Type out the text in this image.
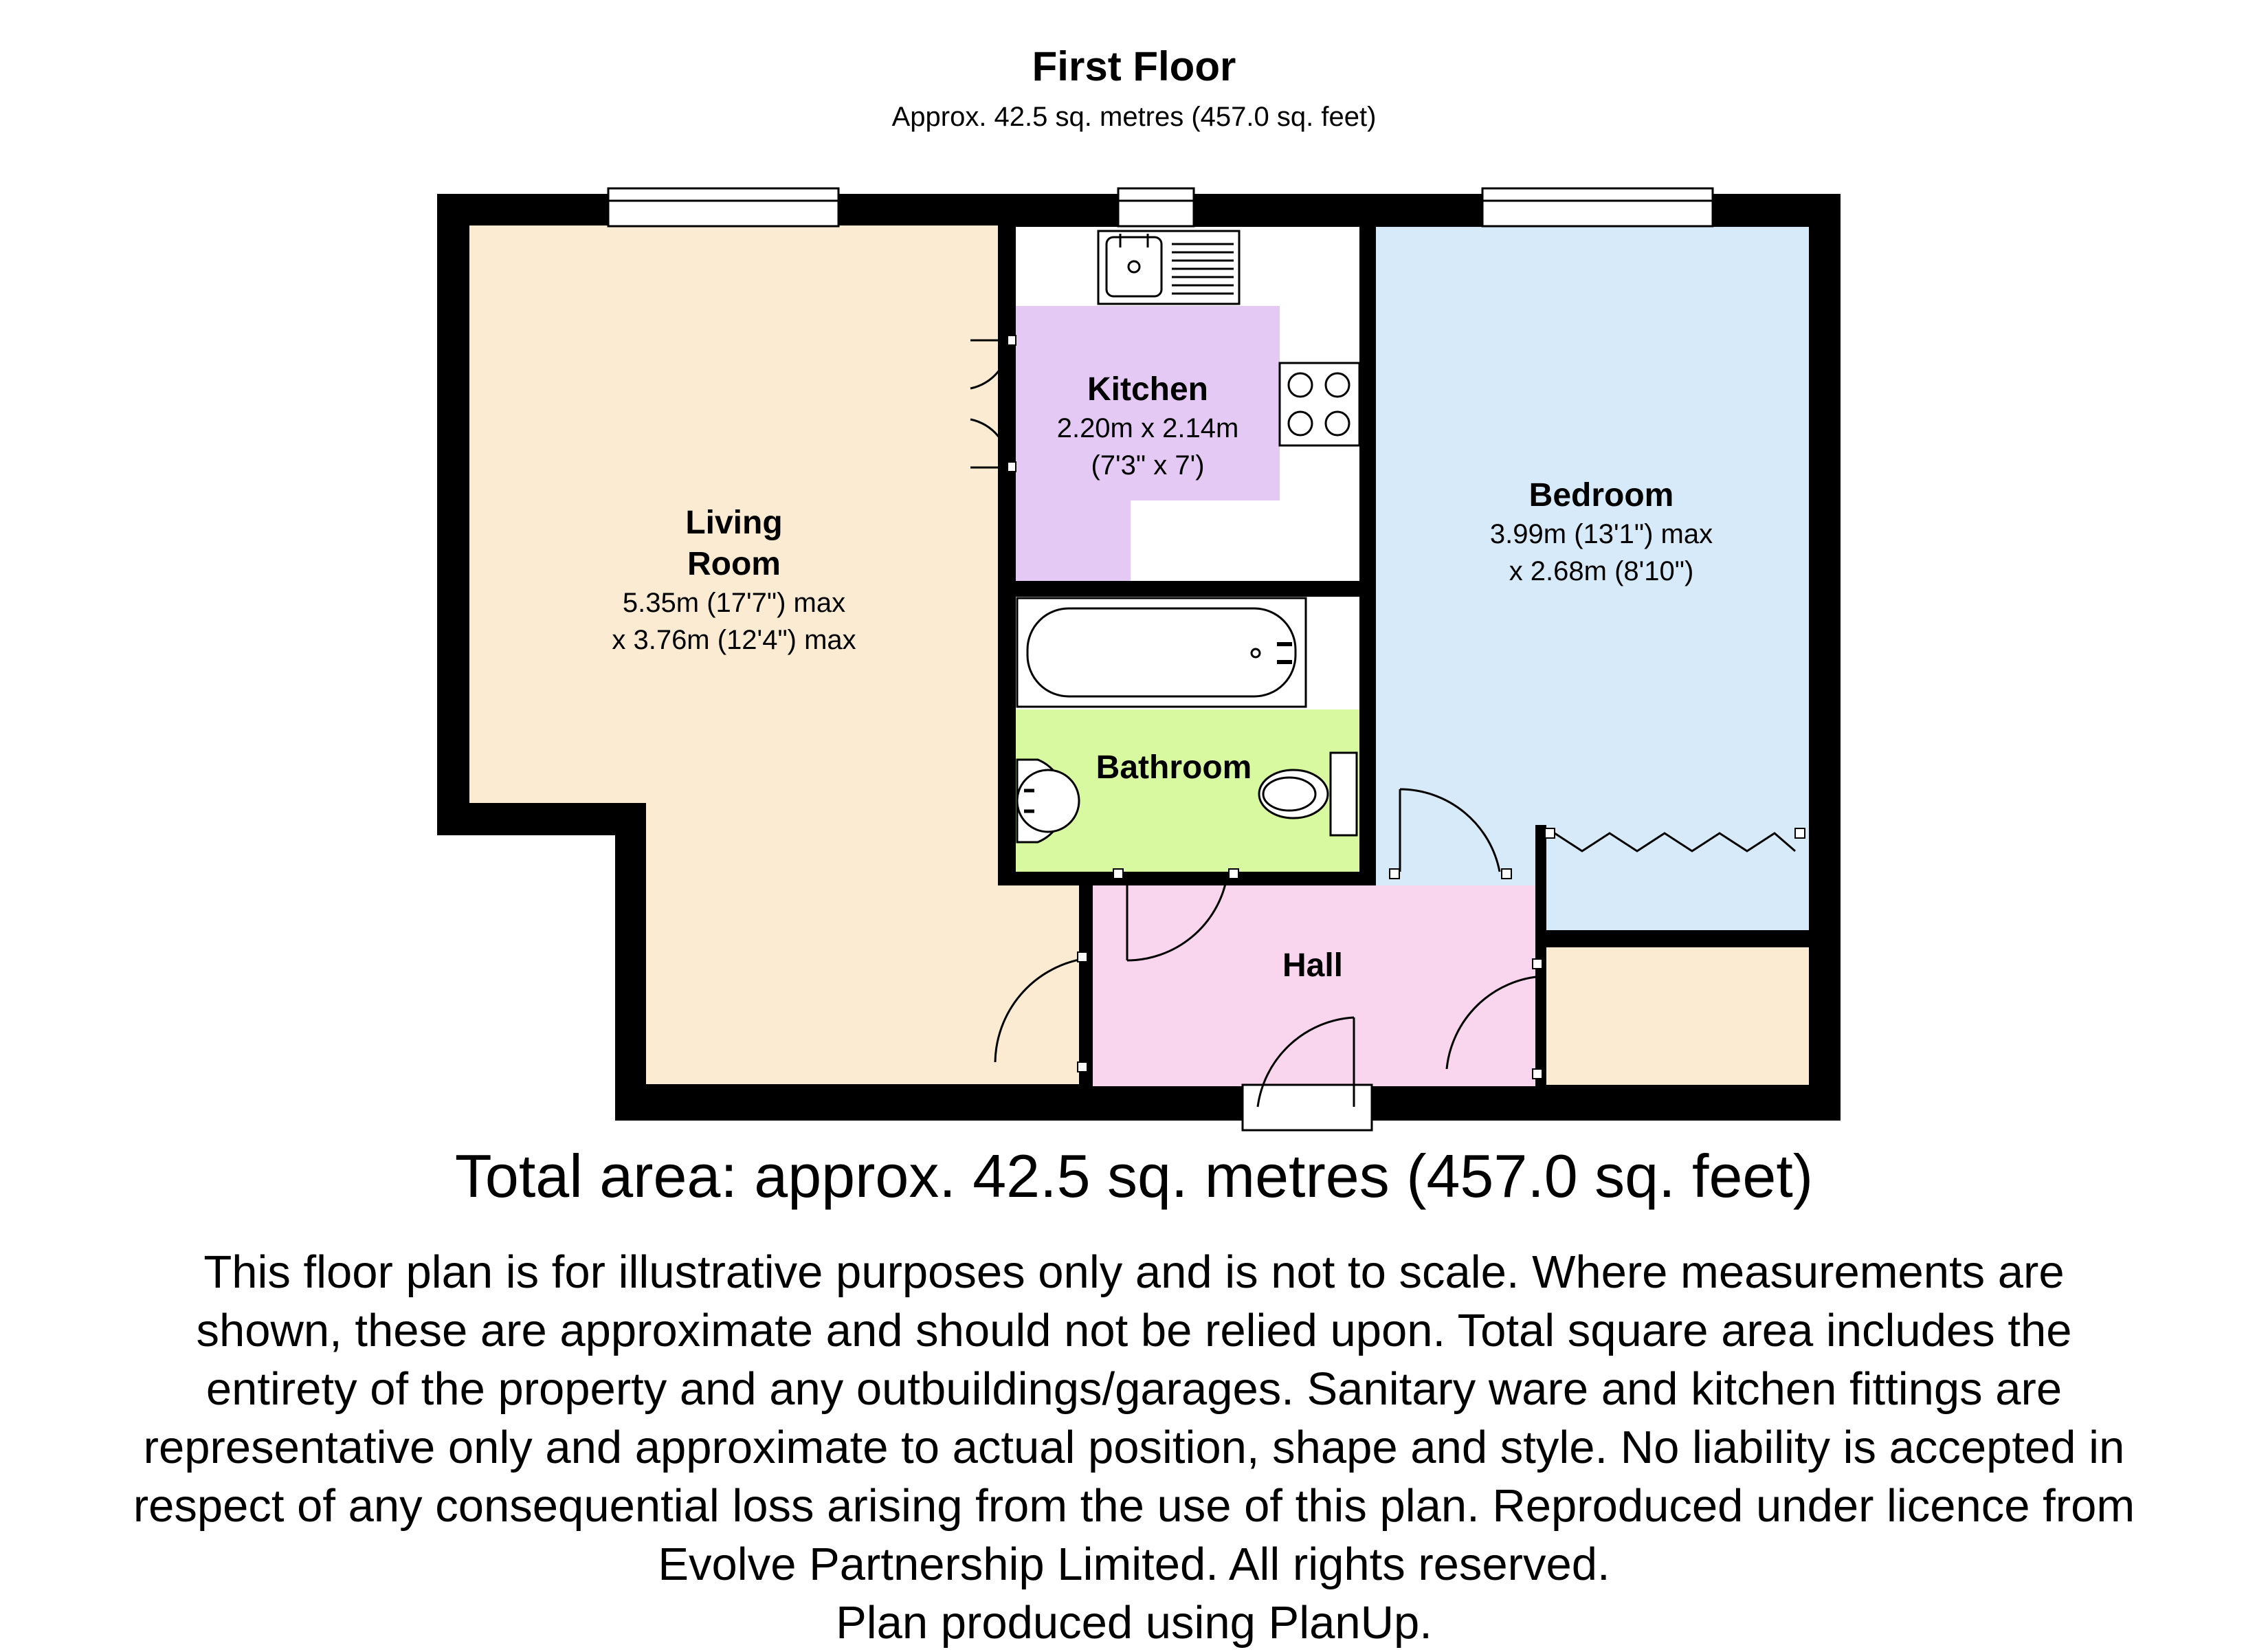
First Floor
Approx. 42.5 sq. metres (457.0 sq. feet)
Living
Room
5.35m (17'7") max
x 3.76m (12'4") max
Kitchen
2.20m x 2.14m
(7'3" x 7')
Bedroom
3.99m (13'1") max
x 2.68m (8'10")
Bathroom
Hall
Total area: approx. 42.5 sq. metres (457.0 sq. feet)
This floor plan is for illustrative purposes only and is not to scale. Where measurements are
shown, these are approximate and should not be relied upon. Total square area includes the
entirety of the property and any outbuildings/garages. Sanitary ware and kitchen fittings are
representative only and approximate to actual position, shape and style. No liability is accepted in
respect of any consequential loss arising from the use of this plan. Reproduced under licence from
Evolve Partnership Limited. All rights reserved.
Plan produced using PlanUp.
